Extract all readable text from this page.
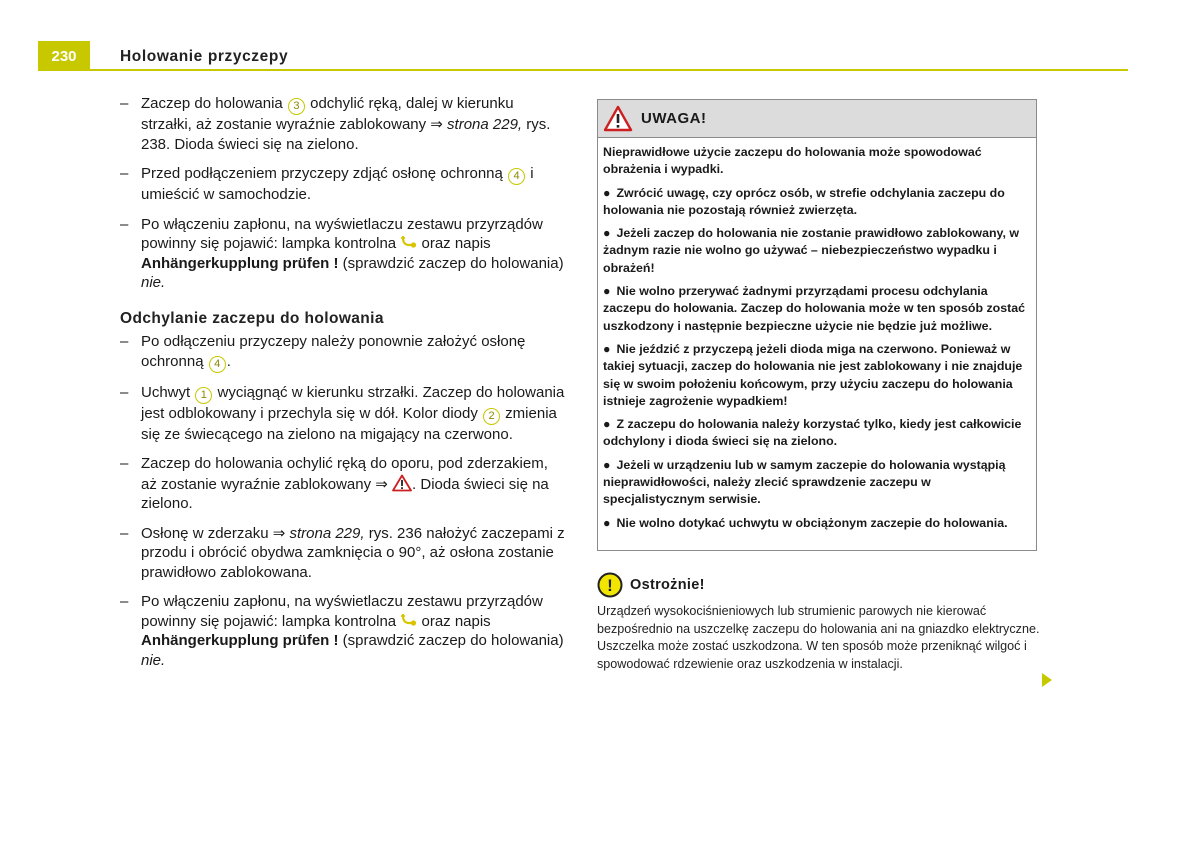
230	Holowanie przyczepy
– Zaczep do holowania 3 odchylić ręką, dalej w kierunku strzałki, aż zostanie wyraźnie zablokowany ⇒ strona 229, rys. 238. Dioda świeci się na zielono.
– Przed podłączeniem przyczepy zdjąć osłonę ochronną 4 i umieścić w samochodzie.
– Po włączeniu zapłonu, na wyświetlaczu zestawu przyrządów powinny się pojawić: lampka kontrolna  oraz napis Anhängerkupplung prüfen ! (sprawdzić zaczep do holowania) nie.
Odchylanie zaczepu do holowania
– Po odłączeniu przyczepy należy ponownie założyć osłonę ochronną 4 .
– Uchwyt 1 wyciągnąć w kierunku strzałki. Zaczep do holowania jest odblokowany i przechyla się w dół. Kolor diody 2 zmienia się ze świecącego na zielono na migający na czerwono.
– Zaczep do holowania ochylić ręką do oporu, pod zderzakiem, aż zostanie wyraźnie zablokowany ⇒ . Dioda świeci się na zielono.
– Osłonę w zderzaku ⇒ strona 229, rys. 236 nałożyć zaczepami z przodu i obrócić obydwa zamknięcia o 90°, aż osłona zostanie prawidłowo zablokowana.
– Po włączeniu zapłonu, na wyświetlaczu zestawu przyrządów powinny się pojawić: lampka kontrolna  oraz napis Anhängerkupplung prüfen ! (sprawdzić zaczep do holowania) nie.
UWAGA!

Nieprawidłowe użycie zaczepu do holowania może spowodować obrażenia i wypadki.

● Zwrócić uwagę, czy oprócz osób, w strefie odchylania zaczepu do holowania nie pozostają również zwierzęta.

● Jeżeli zaczep do holowania nie zostanie prawidłowo zablokowany, w żadnym razie nie wolno go używać – niebezpieczeństwo wypadku i obrażeń!

● Nie wolno przerywać żadnymi przyrządami procesu odchylania zaczepu do holowania. Zaczep do holowania może w ten sposób zostać uszkodzony i następnie bezpieczne użycie nie będzie już możliwe.

● Nie jeździć z przyczepą jeżeli dioda miga na czerwono. Ponieważ w takiej sytuacji, zaczep do holowania nie jest zablokowany i nie znajduje się w swoim położeniu końcowym, przy użyciu zaczepu do holowania istnieje zagrożenie wypadkiem!

● Z zaczepu do holowania należy korzystać tylko, kiedy jest całkowicie odchylony i dioda świeci się na zielono.

● Jeżeli w urządzeniu lub w samym zaczepie do holowania wystąpią nieprawidłowości, należy zlecić sprawdzenie zaczepu w specjalistycznym serwisie.

● Nie wolno dotykać uchwytu w obciążonym zaczepie do holowania.

! Ostrożnie!
Urządzeń wysokociśnieniowych lub strumienic parowych nie kierować bezpośrednio na uszczelkę zaczepu do holowania ani na gniazdko elektryczne. Uszczelka może zostać uszkodzona. W ten sposób może przeniknąć wilgoć i spowodować rdzewienie oraz uszkodzenia w instalacji.
